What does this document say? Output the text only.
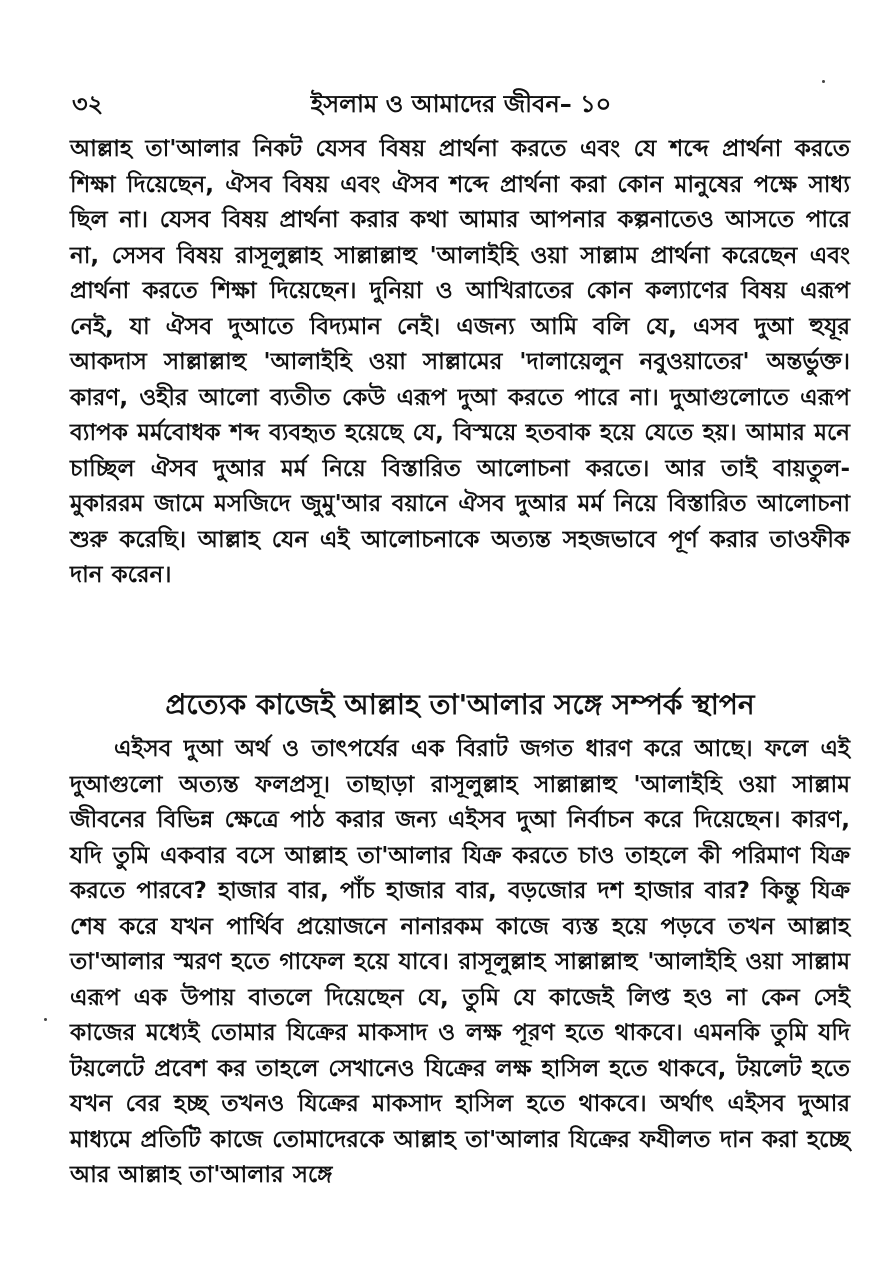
৩২	ইসলাম ও আমাদের জীবন– ১০

আল্লাহ তা'আলার নিকট যেসব বিষয় প্রার্থনা করতে এবং যে শব্দে প্রার্থনা করতে শিক্ষা দিয়েছেন, ঐসব বিষয় এবং ঐসব শব্দে প্রার্থনা করা কোন মানুষের পক্ষে সাধ্য ছিল না। যেসব বিষয় প্রার্থনা করার কথা আমার আপনার কল্পনাতেও আসতে পারে না, সেসব বিষয় রাসূলুল্লাহ সাল্লাল্লাহু 'আলাইহি ওয়া সাল্লাম প্রার্থনা করেছেন এবং প্রার্থনা করতে শিক্ষা দিয়েছেন। দুনিয়া ও আখিরাতের কোন কল্যাণের বিষয় এরূপ নেই, যা ঐসব দুআতে বিদ্যমান নেই। এজন্য আমি বলি যে, এসব দুআ হুযূর আকদাস সাল্লাল্লাহু 'আলাইহি ওয়া সাল্লামের 'দালায়েলুন নবুওয়াতের' অন্তর্ভুক্ত। কারণ, ওহীর আলো ব্যতীত কেউ এরূপ দুআ করতে পারে না। দুআগুলোতে এরূপ ব্যাপক মর্মবোধক শব্দ ব্যবহৃত হয়েছে যে, বিস্ময়ে হতবাক হয়ে যেতে হয়। আমার মনে চাচ্ছিল ঐসব দুআর মর্ম নিয়ে বিস্তারিত আলোচনা করতে। আর তাই বায়তুল-মুকাররম জামে মসজিদে জুমু'আর বয়ানে ঐসব দুআর মর্ম নিয়ে বিস্তারিত আলোচনা শুরু করেছি। আল্লাহ যেন এই আলোচনাকে অত্যন্ত সহজভাবে পূর্ণ করার তাওফীক দান করেন।

প্রত্যেক কাজেই আল্লাহ তা'আলার সঙ্গে সম্পর্ক স্থাপন

এইসব দুআ অর্থ ও তাৎপর্যের এক বিরাট জগত ধারণ করে আছে। ফলে এই দুআগুলো অত্যন্ত ফলপ্রসূ। তাছাড়া রাসূলুল্লাহ সাল্লাল্লাহু 'আলাইহি ওয়া সাল্লাম জীবনের বিভিন্ন ক্ষেত্রে পাঠ করার জন্য এইসব দুআ নির্বাচন করে দিয়েছেন। কারণ, যদি তুমি একবার বসে আল্লাহ তা'আলার যিক্র করতে চাও তাহলে কী পরিমাণ যিক্র করতে পারবে? হাজার বার, পাঁচ হাজার বার, বড়জোর দশ হাজার বার? কিন্তু যিক্র শেষ করে যখন পার্থিব প্রয়োজনে নানারকম কাজে ব্যস্ত হয়ে পড়বে তখন আল্লাহ তা'আলার স্মরণ হতে গাফেল হয়ে যাবে। রাসূলুল্লাহ সাল্লাল্লাহু 'আলাইহি ওয়া সাল্লাম এরূপ এক উপায় বাতলে দিয়েছেন যে, তুমি যে কাজেই লিপ্ত হও না কেন সেই কাজের মধ্যেই তোমার যিক্রের মাকসাদ ও লক্ষ পূরণ হতে থাকবে। এমনকি তুমি যদি টয়লেটে প্রবেশ কর তাহলে সেখানেও যিক্রের লক্ষ হাসিল হতে থাকবে, টয়লেট হতে যখন বের হচ্ছ তখনও যিক্রের মাকসাদ হাসিল হতে থাকবে। অর্থাৎ এইসব দুআর মাধ্যমে প্রতিটি কাজে তোমাদেরকে আল্লাহ তা'আলার যিক্রের ফযীলত দান করা হচ্ছে আর আল্লাহ তা'আলার সঙ্গে
